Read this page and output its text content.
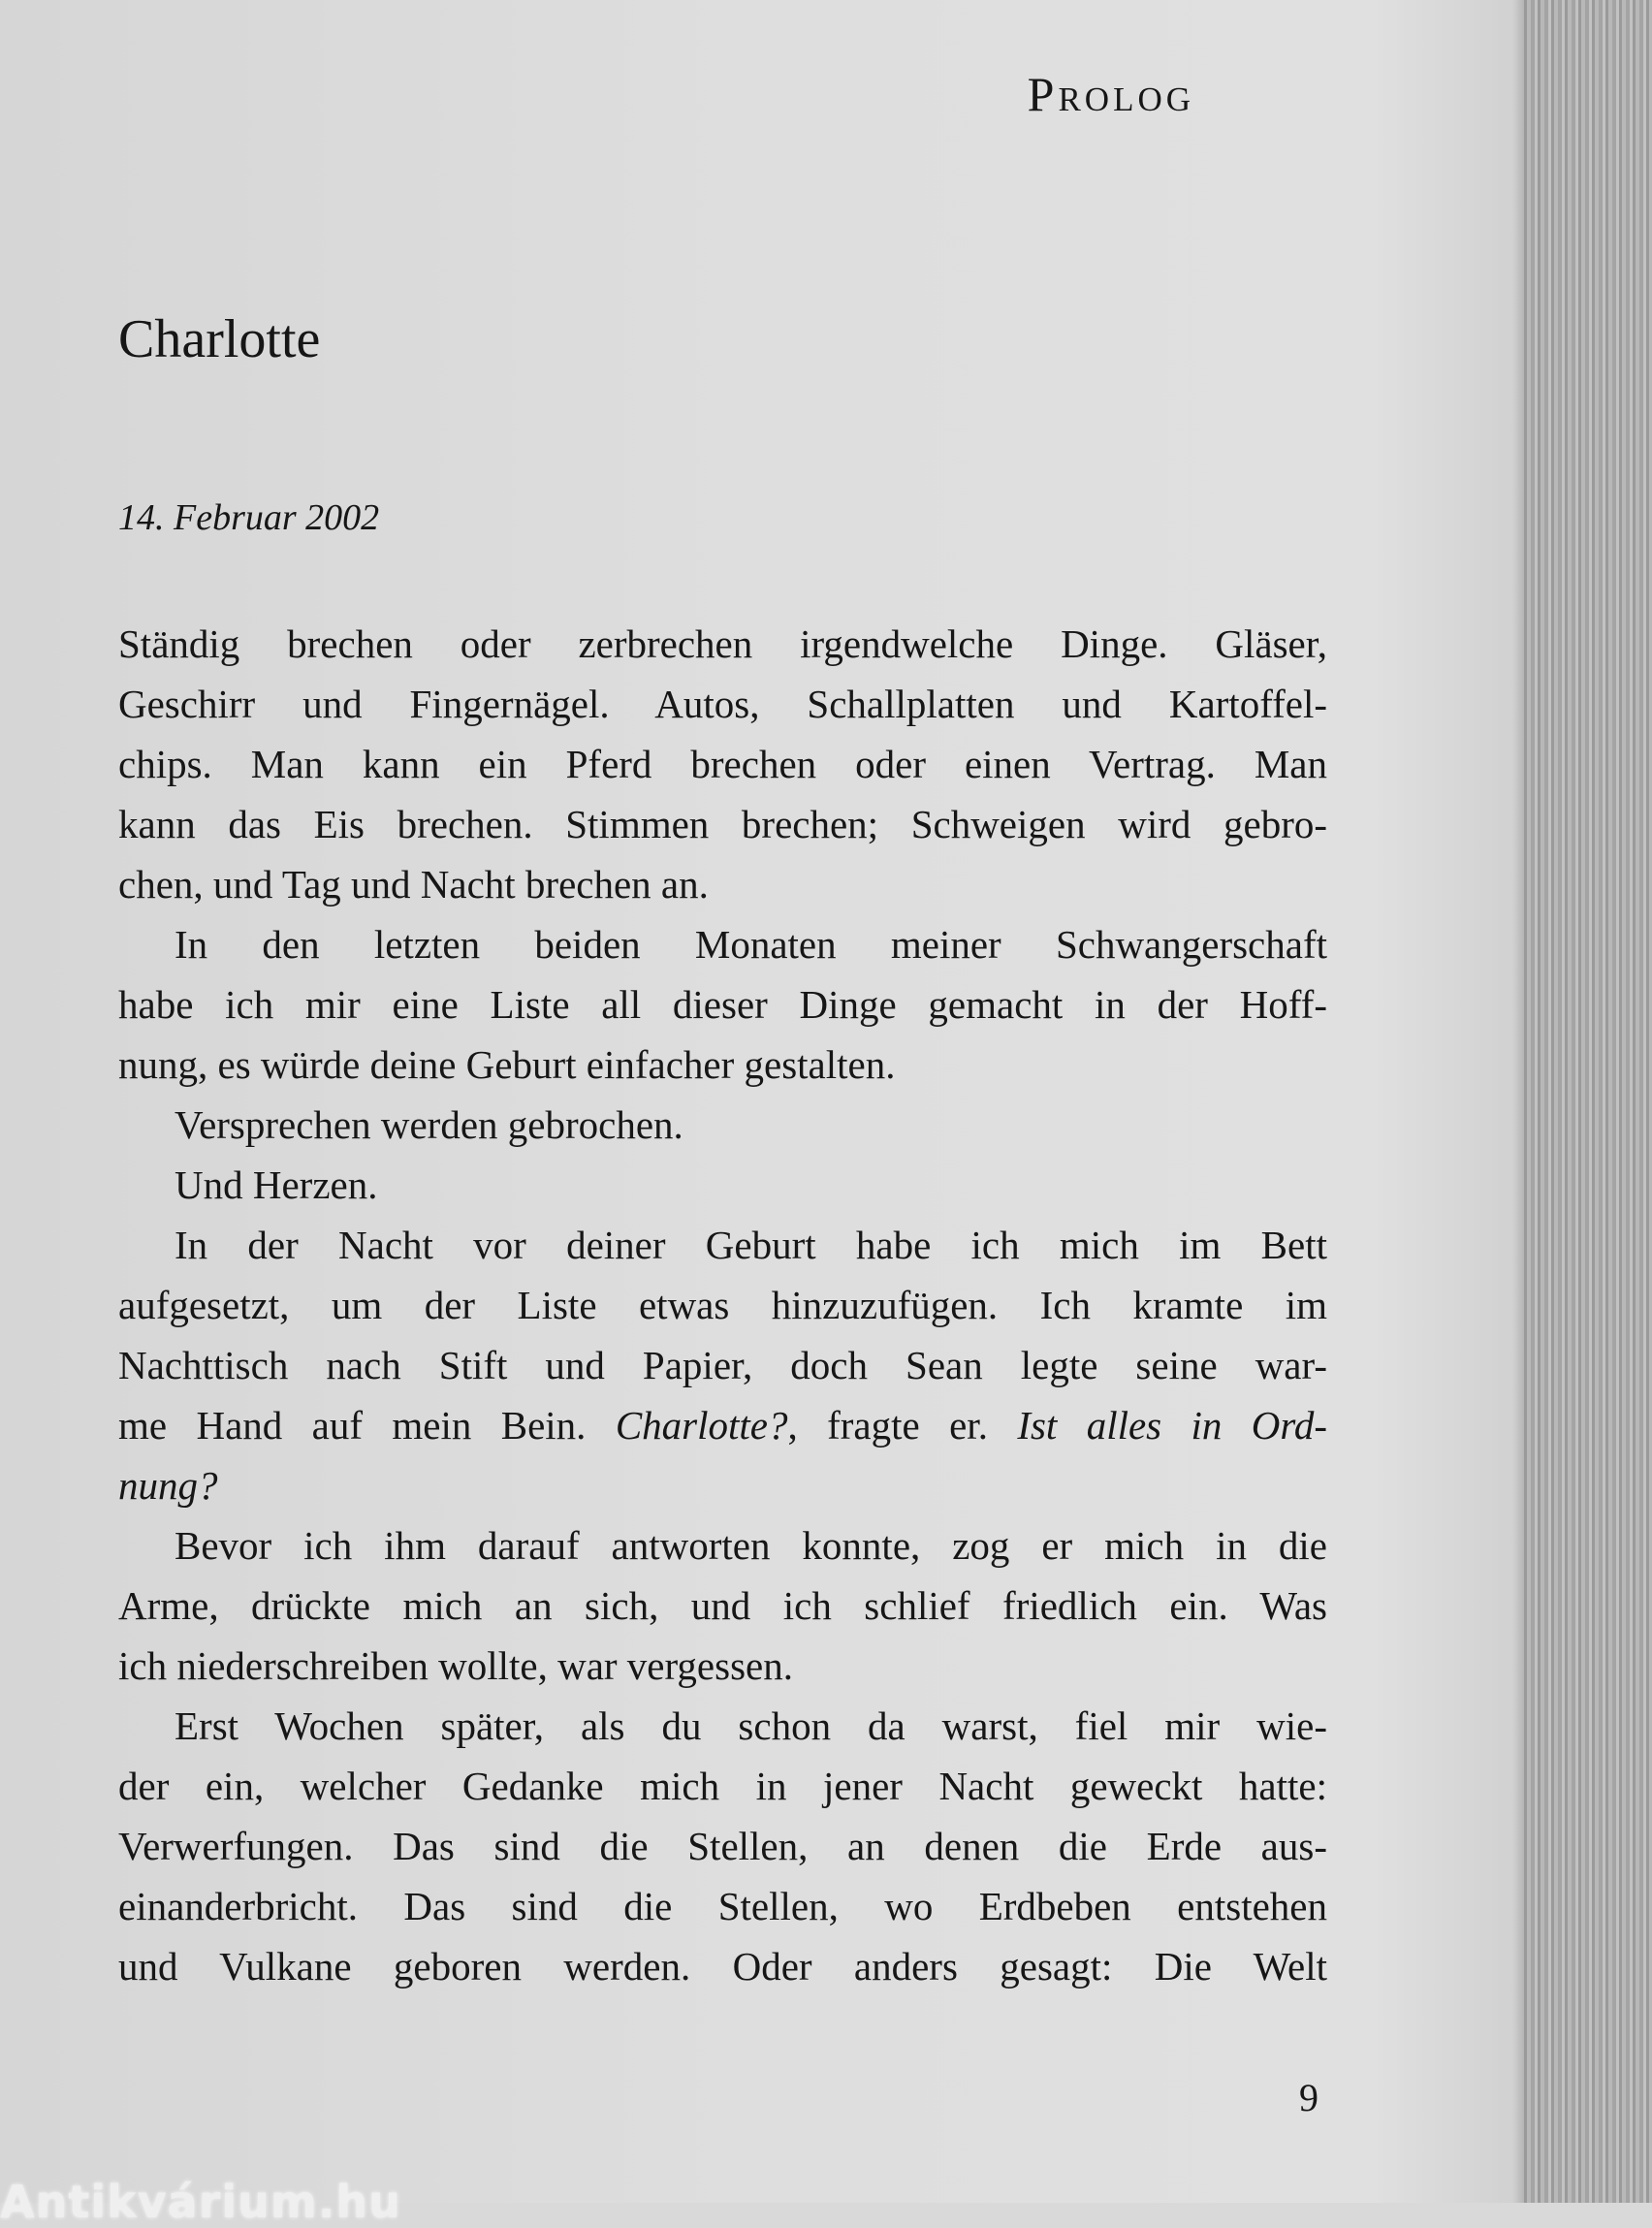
Prolog
Charlotte
14. Februar 2002
Ständig brechen oder zerbrechen irgendwelche Dinge. Gläser,
Geschirr und Fingernägel. Autos, Schallplatten und Kartoffel-
chips. Man kann ein Pferd brechen oder einen Vertrag. Man
kann das Eis brechen. Stimmen brechen; Schweigen wird gebro-
chen, und Tag und Nacht brechen an.
In den letzten beiden Monaten meiner Schwangerschaft
habe ich mir eine Liste all dieser Dinge gemacht in der Hoff-
nung, es würde deine Geburt einfacher gestalten.
Versprechen werden gebrochen.
Und Herzen.
In der Nacht vor deiner Geburt habe ich mich im Bett
aufgesetzt, um der Liste etwas hinzuzufügen. Ich kramte im
Nachttisch nach Stift und Papier, doch Sean legte seine war-
me Hand auf mein Bein. Charlotte?, fragte er. Ist alles in Ord-
nung?
Bevor ich ihm darauf antworten konnte, zog er mich in die
Arme, drückte mich an sich, und ich schlief friedlich ein. Was
ich niederschreiben wollte, war vergessen.
Erst Wochen später, als du schon da warst, fiel mir wie-
der ein, welcher Gedanke mich in jener Nacht geweckt hatte:
Verwerfungen. Das sind die Stellen, an denen die Erde aus-
einanderbricht. Das sind die Stellen, wo Erdbeben entstehen
und Vulkane geboren werden. Oder anders gesagt: Die Welt
9
Antikvárium.hu
